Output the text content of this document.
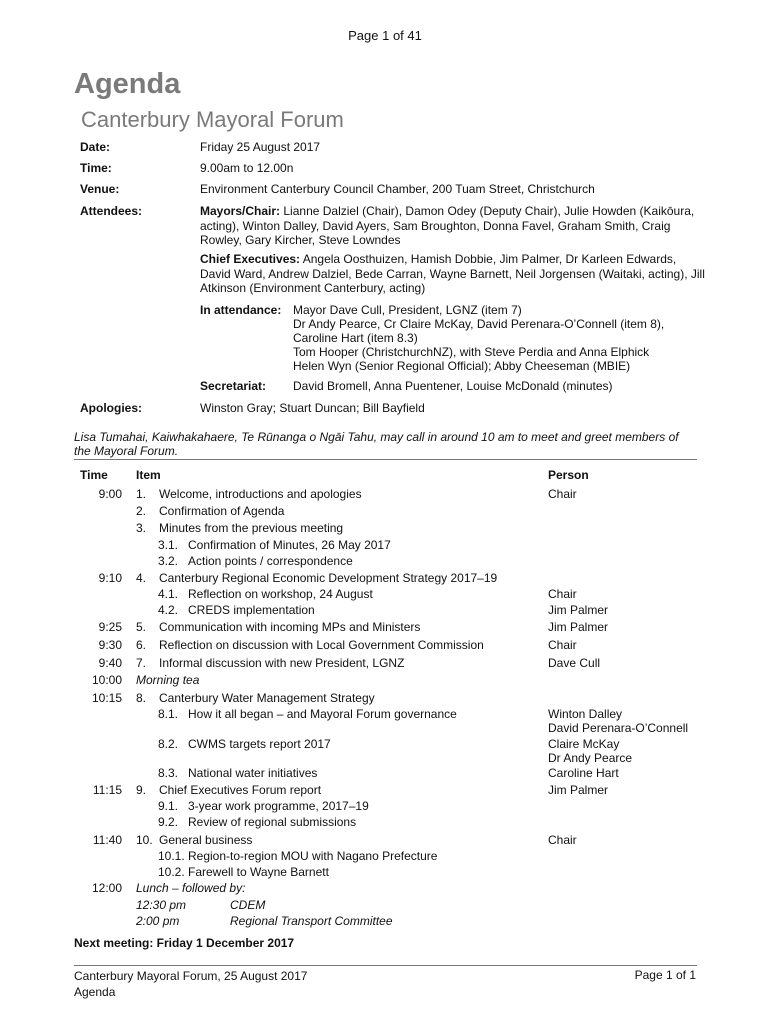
Page 1 of 41
Agenda
Canterbury Mayoral Forum
Date:	Friday 25 August 2017
Time:	9.00am to 12.00n
Venue:	Environment Canterbury Council Chamber, 200 Tuam Street, Christchurch
Attendees:	Mayors/Chair: Lianne Dalziel (Chair), Damon Odey (Deputy Chair), Julie Howden (Kaikōura, acting), Winton Dalley, David Ayers, Sam Broughton, Donna Favel, Graham Smith, Craig Rowley, Gary Kircher, Steve Lowndes
Chief Executives: Angela Oosthuizen, Hamish Dobbie, Jim Palmer, Dr Karleen Edwards, David Ward, Andrew Dalziel, Bede Carran, Wayne Barnett, Neil Jorgensen (Waitaki, acting), Jill Atkinson (Environment Canterbury, acting)
In attendance: Mayor Dave Cull, President, LGNZ (item 7)
Dr Andy Pearce, Cr Claire McKay, David Perenara-O’Connell (item 8), Caroline Hart (item 8.3)
Tom Hooper (ChristchurchNZ), with Steve Perdia and Anna Elphick
Helen Wyn (Senior Regional Official); Abby Cheeseman (MBIE)
Secretariat: David Bromell, Anna Puentener, Louise McDonald (minutes)
Apologies:	Winston Gray; Stuart Duncan; Bill Bayfield
Lisa Tumahai, Kaiwhakahaere, Te Rūnanga o Ngāi Tahu, may call in around 10 am to meet and greet members of the Mayoral Forum.
Time Item	Person
9:00 1. Welcome, introductions and apologies	Chair
2. Confirmation of Agenda
3. Minutes from the previous meeting
3.1. Confirmation of Minutes, 26 May 2017
3.2. Action points / correspondence
9:10 4. Canterbury Regional Economic Development Strategy 2017–19
4.1. Reflection on workshop, 24 August	Chair
4.2. CREDS implementation	Jim Palmer
9:25 5. Communication with incoming MPs and Ministers	Jim Palmer
9:30 6. Reflection on discussion with Local Government Commission	Chair
9:40 7. Informal discussion with new President, LGNZ	Dave Cull
10:00 Morning tea
10:15 8. Canterbury Water Management Strategy
8.1. How it all began – and Mayoral Forum governance	Winton Dalley
David Perenara-O’Connell
8.2. CWMS targets report 2017	Claire McKay
Dr Andy Pearce
8.3. National water initiatives	Caroline Hart
11:15 9. Chief Executives Forum report	Jim Palmer
9.1. 3-year work programme, 2017–19
9.2. Review of regional submissions
11:40 10. General business	Chair
10.1. Region-to-region MOU with Nagano Prefecture
10.2. Farewell to Wayne Barnett
12:00 Lunch – followed by:
12:30 pm	CDEM
2:00 pm	Regional Transport Committee
Next meeting: Friday 1 December 2017
Canterbury Mayoral Forum, 25 August 2017
Agenda
Page 1 of 1
